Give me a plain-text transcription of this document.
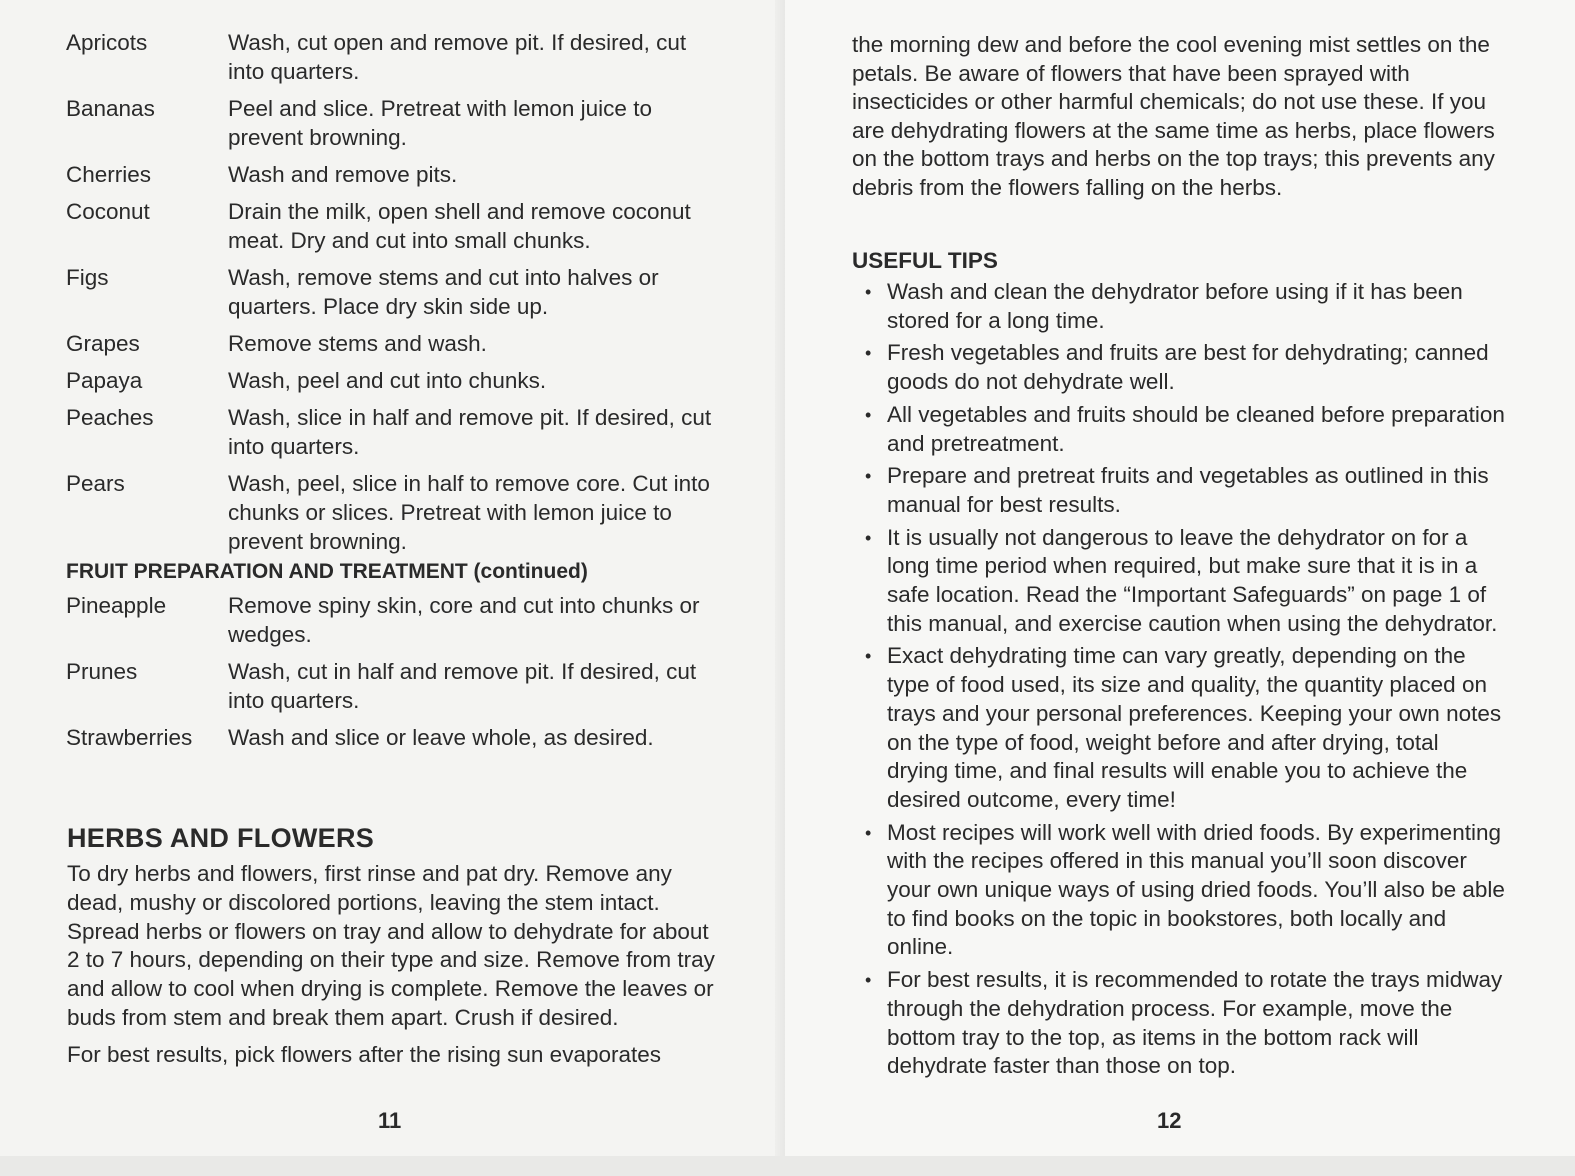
Apricots	Wash, cut open and remove pit. If desired, cut into quarters.
Bananas	Peel and slice. Pretreat with lemon juice to prevent browning.
Cherries	Wash and remove pits.
Coconut	Drain the milk, open shell and remove coconut meat. Dry and cut into small chunks.
Figs	Wash, remove stems and cut into halves or quarters. Place dry skin side up.
Grapes	Remove stems and wash.
Papaya	Wash, peel and cut into chunks.
Peaches	Wash, slice in half and remove pit. If desired, cut into quarters.
Pears	Wash, peel, slice in half to remove core. Cut into chunks or slices. Pretreat with lemon juice to prevent browning.
FRUIT PREPARATION AND TREATMENT (continued)
Pineapple	Remove spiny skin, core and cut into chunks or wedges.
Prunes	Wash, cut in half and remove pit. If desired, cut into quarters.
Strawberries	Wash and slice or leave whole, as desired.
HERBS AND FLOWERS

To dry herbs and flowers, first rinse and pat dry. Remove any dead, mushy or discolored portions, leaving the stem intact. Spread herbs or flowers on tray and allow to dehydrate for about 2 to 7 hours, depending on their type and size. Remove from tray and allow to cool when drying is complete. Remove the leaves or buds from stem and break them apart. Crush if desired.

For best results, pick flowers after the rising sun evaporates

11
the morning dew and before the cool evening mist settles on the petals. Be aware of flowers that have been sprayed with insecticides or other harmful chemicals; do not use these. If you are dehydrating flowers at the same time as herbs, place flowers on the bottom trays and herbs on the top trays; this prevents any debris from the flowers falling on the herbs.
USEFUL TIPS
• Wash and clean the dehydrator before using if it has been stored for a long time.
• Fresh vegetables and fruits are best for dehydrating; canned goods do not dehydrate well.
• All vegetables and fruits should be cleaned before preparation and pretreatment.
• Prepare and pretreat fruits and vegetables as outlined in this manual for best results.
• It is usually not dangerous to leave the dehydrator on for a long time period when required, but make sure that it is in a safe location. Read the “Important Safeguards” on page 1 of this manual, and exercise caution when using the dehydrator.
• Exact dehydrating time can vary greatly, depending on the type of food used, its size and quality, the quantity placed on trays and your personal preferences. Keeping your own notes on the type of food, weight before and after drying, total drying time, and final results will enable you to achieve the desired outcome, every time!
• Most recipes will work well with dried foods. By experimenting with the recipes offered in this manual you’ll soon discover your own unique ways of using dried foods. You’ll also be able to find books on the topic in bookstores, both locally and online.
• For best results, it is recommended to rotate the trays midway through the dehydration process. For example, move the bottom tray to the top, as items in the bottom rack will dehydrate faster than those on top.
12
